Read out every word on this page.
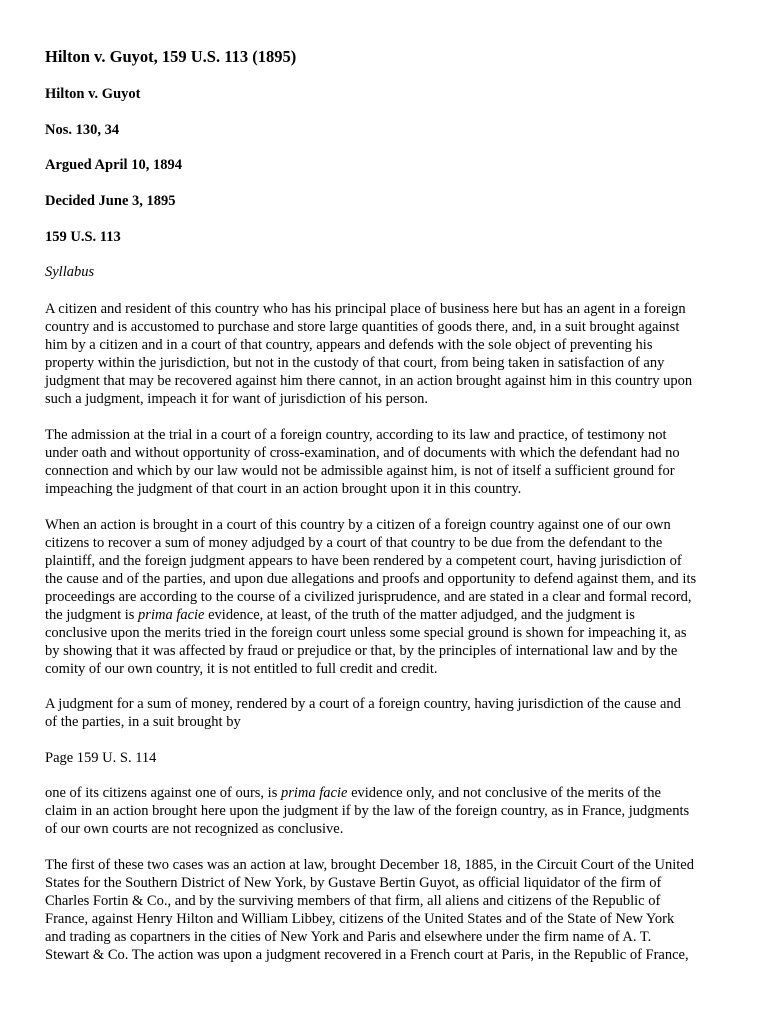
Hilton v. Guyot, 159 U.S. 113 (1895)
Hilton v. Guyot
Nos. 130, 34
Argued April 10, 1894
Decided June 3, 1895
159 U.S. 113
Syllabus
A citizen and resident of this country who has his principal place of business here but has an agent in a foreign
country and is accustomed to purchase and store large quantities of goods there, and, in a suit brought against
him by a citizen and in a court of that country, appears and defends with the sole object of preventing his
property within the jurisdiction, but not in the custody of that court, from being taken in satisfaction of any
judgment that may be recovered against him there cannot, in an action brought against him in this country upon
such a judgment, impeach it for want of jurisdiction of his person.
The admission at the trial in a court of a foreign country, according to its law and practice, of testimony not
under oath and without opportunity of cross-examination, and of documents with which the defendant had no
connection and which by our law would not be admissible against him, is not of itself a sufficient ground for
impeaching the judgment of that court in an action brought upon it in this country.
When an action is brought in a court of this country by a citizen of a foreign country against one of our own
citizens to recover a sum of money adjudged by a court of that country to be due from the defendant to the
plaintiff, and the foreign judgment appears to have been rendered by a competent court, having jurisdiction of
the cause and of the parties, and upon due allegations and proofs and opportunity to defend against them, and its
proceedings are according to the course of a civilized jurisprudence, and are stated in a clear and formal record,
the judgment is prima facie evidence, at least, of the truth of the matter adjudged, and the judgment is
conclusive upon the merits tried in the foreign court unless some special ground is shown for impeaching it, as
by showing that it was affected by fraud or prejudice or that, by the principles of international law and by the
comity of our own country, it is not entitled to full credit and credit.
A judgment for a sum of money, rendered by a court of a foreign country, having jurisdiction of the cause and
of the parties, in a suit brought by
Page 159 U. S. 114
one of its citizens against one of ours, is prima facie evidence only, and not conclusive of the merits of the
claim in an action brought here upon the judgment if by the law of the foreign country, as in France, judgments
of our own courts are not recognized as conclusive.
The first of these two cases was an action at law, brought December 18, 1885, in the Circuit Court of the United
States for the Southern District of New York, by Gustave Bertin Guyot, as official liquidator of the firm of
Charles Fortin & Co., and by the surviving members of that firm, all aliens and citizens of the Republic of
France, against Henry Hilton and William Libbey, citizens of the United States and of the State of New York
and trading as copartners in the cities of New York and Paris and elsewhere under the firm name of A. T.
Stewart & Co. The action was upon a judgment recovered in a French court at Paris, in the Republic of France,
